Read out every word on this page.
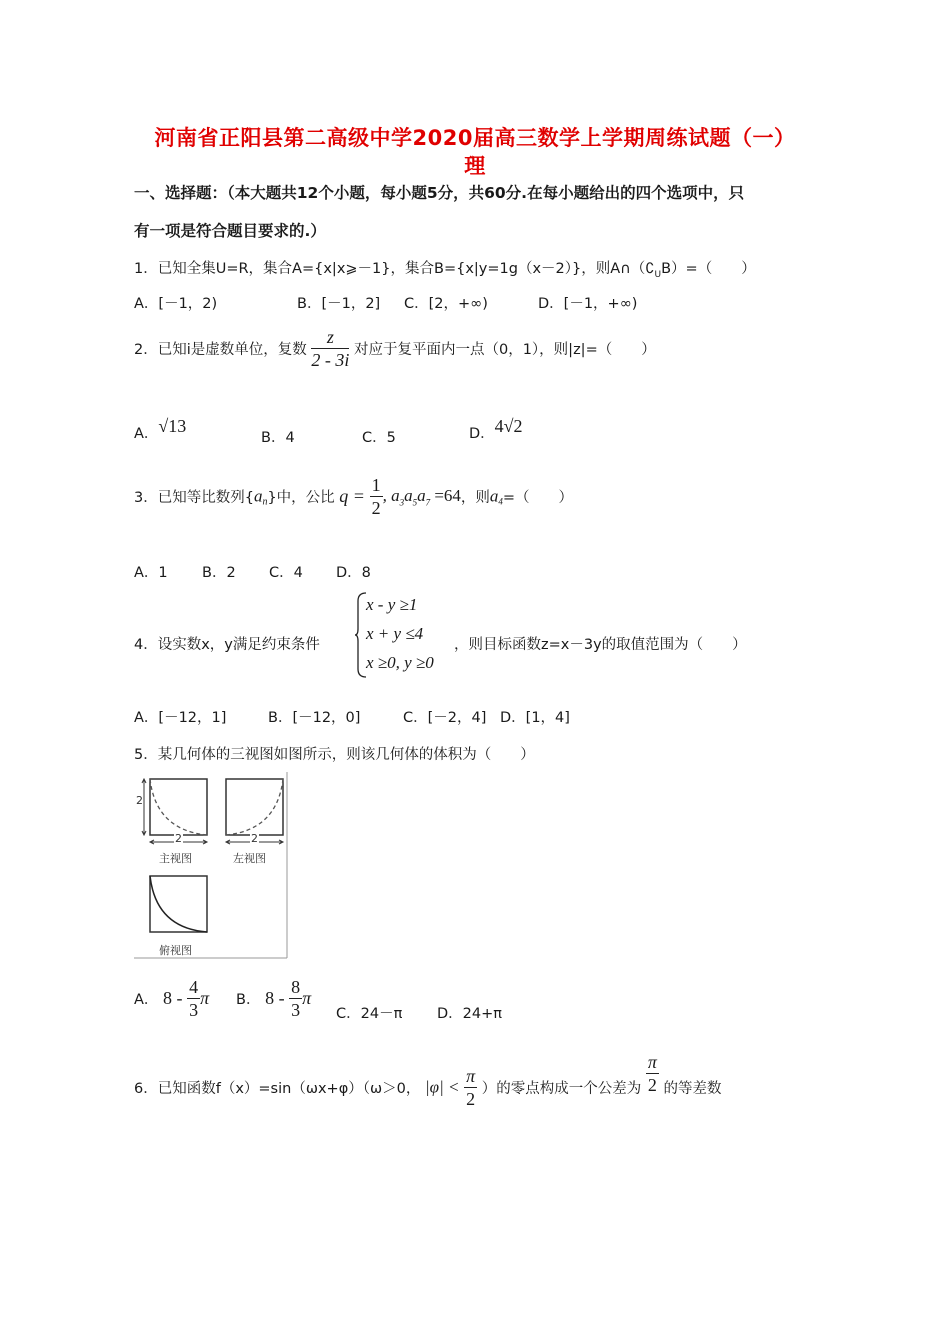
河南省正阳县第二高级中学2020届高三数学上学期周练试题（一）
理
一、选择题：（本大题共12个小题，每小题5分，共60分.在每小题给出的四个选项中，只
有一项是符合题目要求的.）
1．已知全集U=R，集合A={x|x⩾－1}，集合B={x|y=1g（x－2）}，则$A\cap(∁_UB)=$（　　）
A．[－1，2)	B．[－1，2] C．[2，+∞)	D．[－1，+∞)
2．已知i是虚数单位，复数 $\frac{z}{2 - 3i}$ 对应于复平面内一点（0，1），则|z|=（　　）
A．√13
B．4	C．5	D．4√2
3．已知等比数列$\{a_n\}$中，公比 $q = \frac{1}{2}$ , $a_3a_5a_7 =64$，则$a_4=$（　　）
A．1 B．2 C．4 D．8
4．设实数x，y满足约束条件
x - y ≥1
x + y ≤4
x ≥0, y ≥0
，则目标函数z=x－3y的取值范围为（　　）
A．[－12，1]	B．[－12，0]	C．[－2，4] D．[1，4]
5．某几何体的三视图如图所示，则该几何体的体积为（　　）
2
2	2
主视图	左视图
俯视图
A． $8 - \frac{4}{3}$ π B． $8 - \frac{8}{3}$ π
C．24－π D．24+π
6．已知函数f（x）=sin（ωx+φ）（ω＞0， $|\varphi| < \frac{\pi}{2}$ ）的零点构成一个公差为 $\frac{\pi}{2}$ 的等差数
